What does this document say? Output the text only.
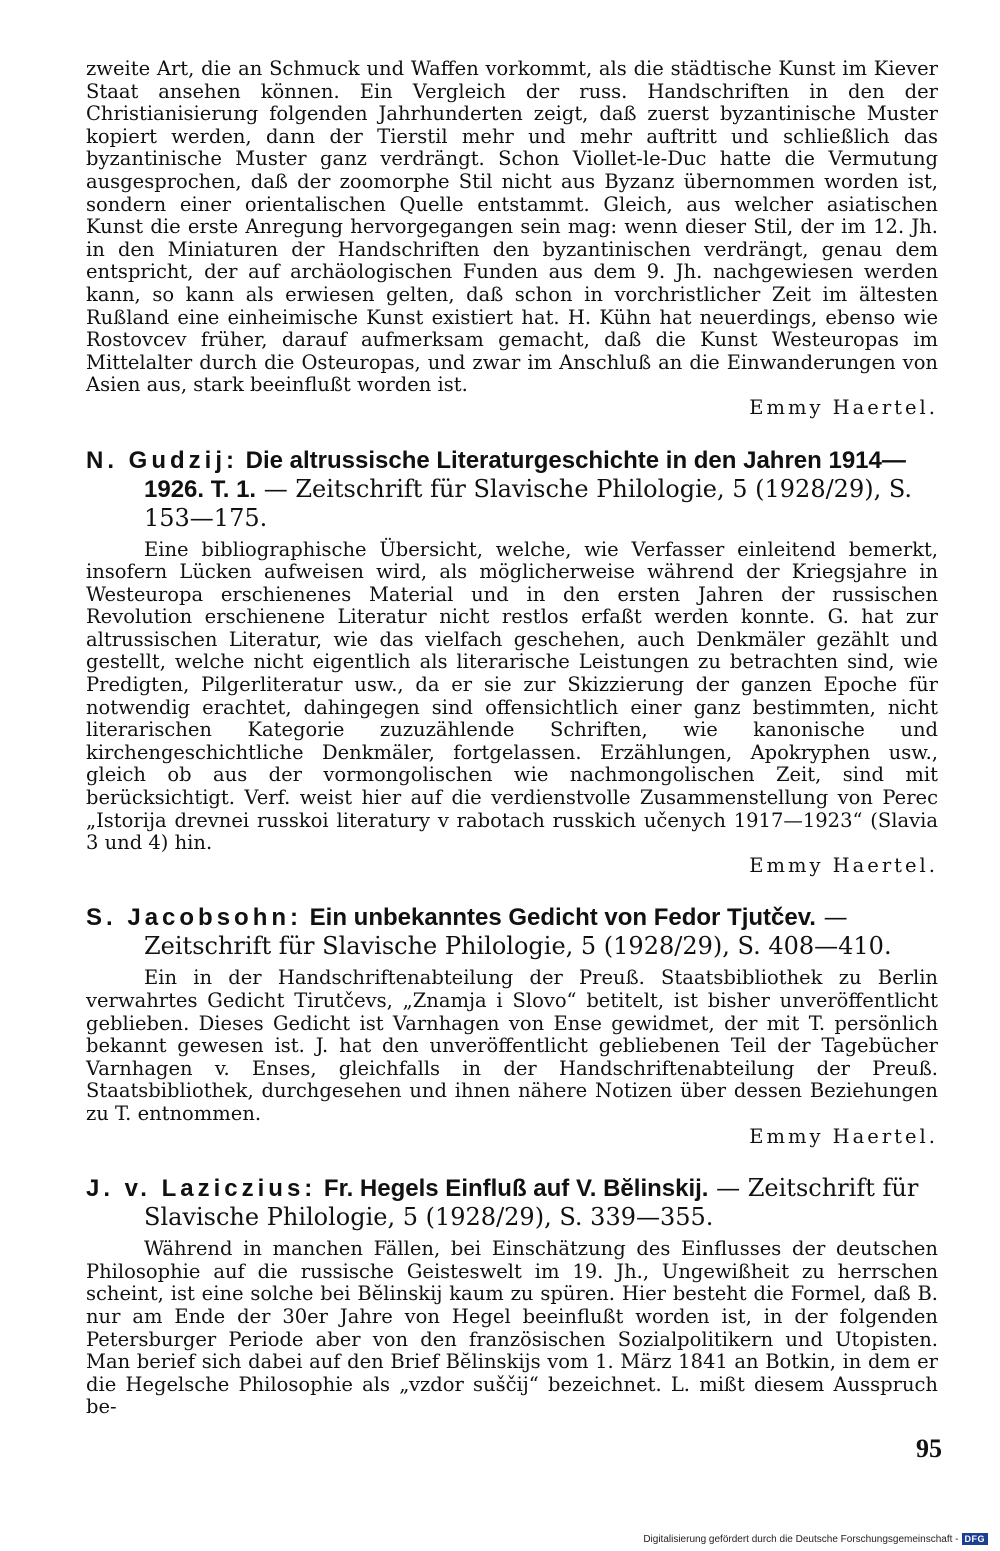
zweite Art, die an Schmuck und Waffen vorkommt, als die städtische Kunst im Kiever Staat ansehen können. Ein Vergleich der russ. Handschriften in den der Christianisierung folgenden Jahrhunderten zeigt, daß zuerst byzantinische Muster kopiert werden, dann der Tierstil mehr und mehr auftritt und schließlich das byzantinische Muster ganz verdrängt. Schon Viollet-le-Duc hatte die Vermutung ausgesprochen, daß der zoomorphe Stil nicht aus Byzanz übernommen worden ist, sondern einer orientalischen Quelle entstammt. Gleich, aus welcher asiatischen Kunst die erste Anregung hervorgegangen sein mag: wenn dieser Stil, der im 12. Jh. in den Miniaturen der Handschriften den byzantinischen verdrängt, genau dem entspricht, der auf archäologischen Funden aus dem 9. Jh. nachgewiesen werden kann, so kann als erwiesen gelten, daß schon in vorchristlicher Zeit im ältesten Rußland eine einheimische Kunst existiert hat. H. Kühn hat neuerdings, ebenso wie Rostovcev früher, darauf aufmerksam gemacht, daß die Kunst Westeuropas im Mittelalter durch die Osteuropas, und zwar im Anschluß an die Einwanderungen von Asien aus, stark beeinflußt worden ist.
Emmy Haertel.

N. Gudzij: Die altrussische Literaturgeschichte in den Jahren 1914—1926. T. 1. — Zeitschrift für Slavische Philologie, 5 (1928/29), S. 153—175.

Eine bibliographische Übersicht, welche, wie Verfasser einleitend bemerkt, insofern Lücken aufweisen wird, als möglicherweise während der Kriegsjahre in Westeuropa erschienenes Material und in den ersten Jahren der russischen Revolution erschienene Literatur nicht restlos erfaßt werden konnte. G. hat zur altrussischen Literatur, wie das vielfach geschehen, auch Denkmäler gezählt und gestellt, welche nicht eigentlich als literarische Leistungen zu betrachten sind, wie Predigten, Pilgerliteratur usw., da er sie zur Skizzierung der ganzen Epoche für notwendig erachtet, dahingegen sind offensichtlich einer ganz bestimmten, nicht literarischen Kategorie zuzuzählende Schriften, wie kanonische und kirchengeschichtliche Denkmäler, fortgelassen. Erzählungen, Apokryphen usw., gleich ob aus der vormongolischen wie nachmongolischen Zeit, sind mit berücksichtigt. Verf. weist hier auf die verdienstvolle Zusammenstellung von Perec „Istorija drevnei russkoi literatury v rabotach russkich učenych 1917—1923“ (Slavia 3 und 4) hin.
Emmy Haertel.

S. Jacobsohn: Ein unbekanntes Gedicht von Fedor Tjutčev. — Zeitschrift für Slavische Philologie, 5 (1928/29), S. 408—410.

Ein in der Handschriftenabteilung der Preuß. Staatsbibliothek zu Berlin verwahrtes Gedicht Tirutčevs, „Znamja i Slovo“ betitelt, ist bisher unveröffentlicht geblieben. Dieses Gedicht ist Varnhagen von Ense gewidmet, der mit T. persönlich bekannt gewesen ist. J. hat den unveröffentlicht gebliebenen Teil der Tagebücher Varnhagen v. Enses, gleichfalls in der Handschriftenabteilung der Preuß. Staatsbibliothek, durchgesehen und ihnen nähere Notizen über dessen Beziehungen zu T. entnommen.
Emmy Haertel.

J. v. Laziczius: Fr. Hegels Einfluß auf V. Bĕlinskij. — Zeitschrift für Slavische Philologie, 5 (1928/29), S. 339—355.

Während in manchen Fällen, bei Einschätzung des Einflusses der deutschen Philosophie auf die russische Geisteswelt im 19. Jh., Ungewißheit zu herrschen scheint, ist eine solche bei Bĕlinskij kaum zu spüren. Hier besteht die Formel, daß B. nur am Ende der 30er Jahre von Hegel beeinflußt worden ist, in der folgenden Petersburger Periode aber von den französischen Sozialpolitikern und Utopisten. Man berief sich dabei auf den Brief Bĕlinskijs vom 1. März 1841 an Botkin, in dem er die Hegelsche Philosophie als „vzdor suščij“ bezeichnet. L. mißt diesem Ausspruch be-

95
Digitalisierung gefördert durch die Deutsche Forschungsgemeinschaft - DFG
